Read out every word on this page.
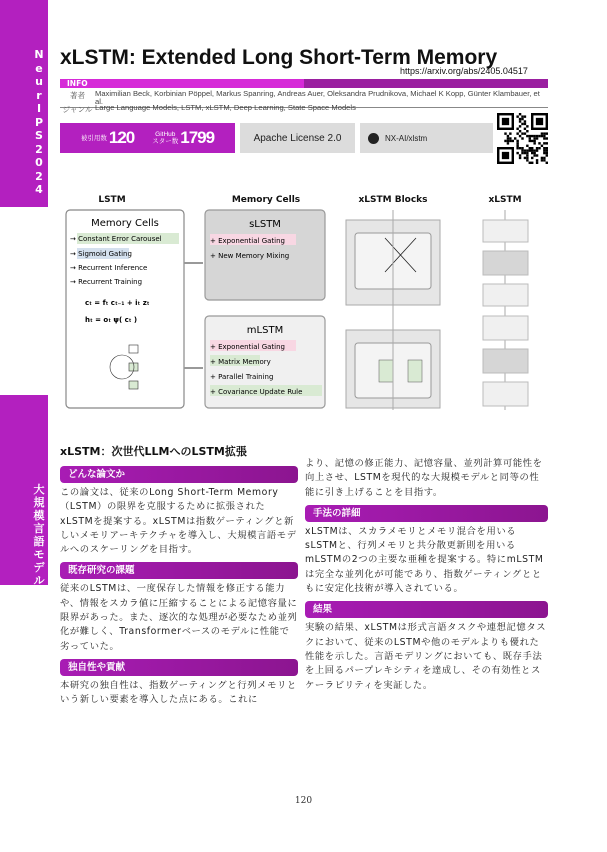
N
e
u
r
I
P
S
2
0
2
4
大
規
模
言
語
モ
デ
ル
xLSTM: Extended Long Short-Term Memory
https://arxiv.org/abs/2405.04517
INFO
著者	Maximilian Beck, Korbinian Pöppel, Markus Spanring, Andreas Auer, Oleksandra Prudnikova, Michael K Kopp, Günter Klambauer, et al.
ジャンル Large Language Models, LSTM, xLSTM, Deep Learning, State Space Models
被引用数 120	GitHub
スター数 1799	Apache License 2.0	NX-AI/xlstm
LSTM	Memory Cells	xLSTM Blocks	xLSTM
Memory Cells
→ Constant Error Carousel
→ Sigmoid Gating
→ Recurrent Inference
→ Recurrent Training
cₜ = fₜ cₜ₋₁ + iₜ zₜ
hₜ = oₜ ψ( cₜ )
sLSTM
mLSTM
+ Exponential Gating
+ New Memory Mixing
+ Exponential Gating
+ Matrix Memory
+ Parallel Training
+ Covariance Update Rule
xLSTM：次世代LLMへのLSTM拡張
どんな論文か
この論文は、従来のLong Short-Term Memory（LSTM）の限界を克服するために拡張されたxLSTMを提案する。xLSTMは指数ゲーティングと新しいメモリアーキテクチャを導入し、大規模言語モデルへのスケーリングを目指す。
既存研究の課題
従来のLSTMは、一度保存した情報を修正する能力や、情報をスカラ値に圧縮することによる記憶容量に限界があった。また、逐次的な処理が必要なため並列化が難しく、Transformerベースのモデルに性能で劣っていた。
独自性や貢献
本研究の独自性は、指数ゲーティングと行列メモリという新しい要素を導入した点にある。これに
より、記憶の修正能力、記憶容量、並列計算可能性を向上させ、LSTMを現代的な大規模モデルと同等の性能に引き上げることを目指す。
手法の詳細
xLSTMは、スカラメモリとメモリ混合を用いるsLSTMと、行列メモリと共分散更新則を用いるmLSTMの2つの主要な亜種を提案する。特にmLSTMは完全な並列化が可能であり、指数ゲーティングとともに安定化技術が導入されている。
結果
実験の結果、xLSTMは形式言語タスクや連想記憶タスクにおいて、従来のLSTMや他のモデルよりも優れた性能を示した。言語モデリングにおいても、既存手法を上回るパープレキシティを達成し、その有効性とスケーラビリティを実証した。
120
